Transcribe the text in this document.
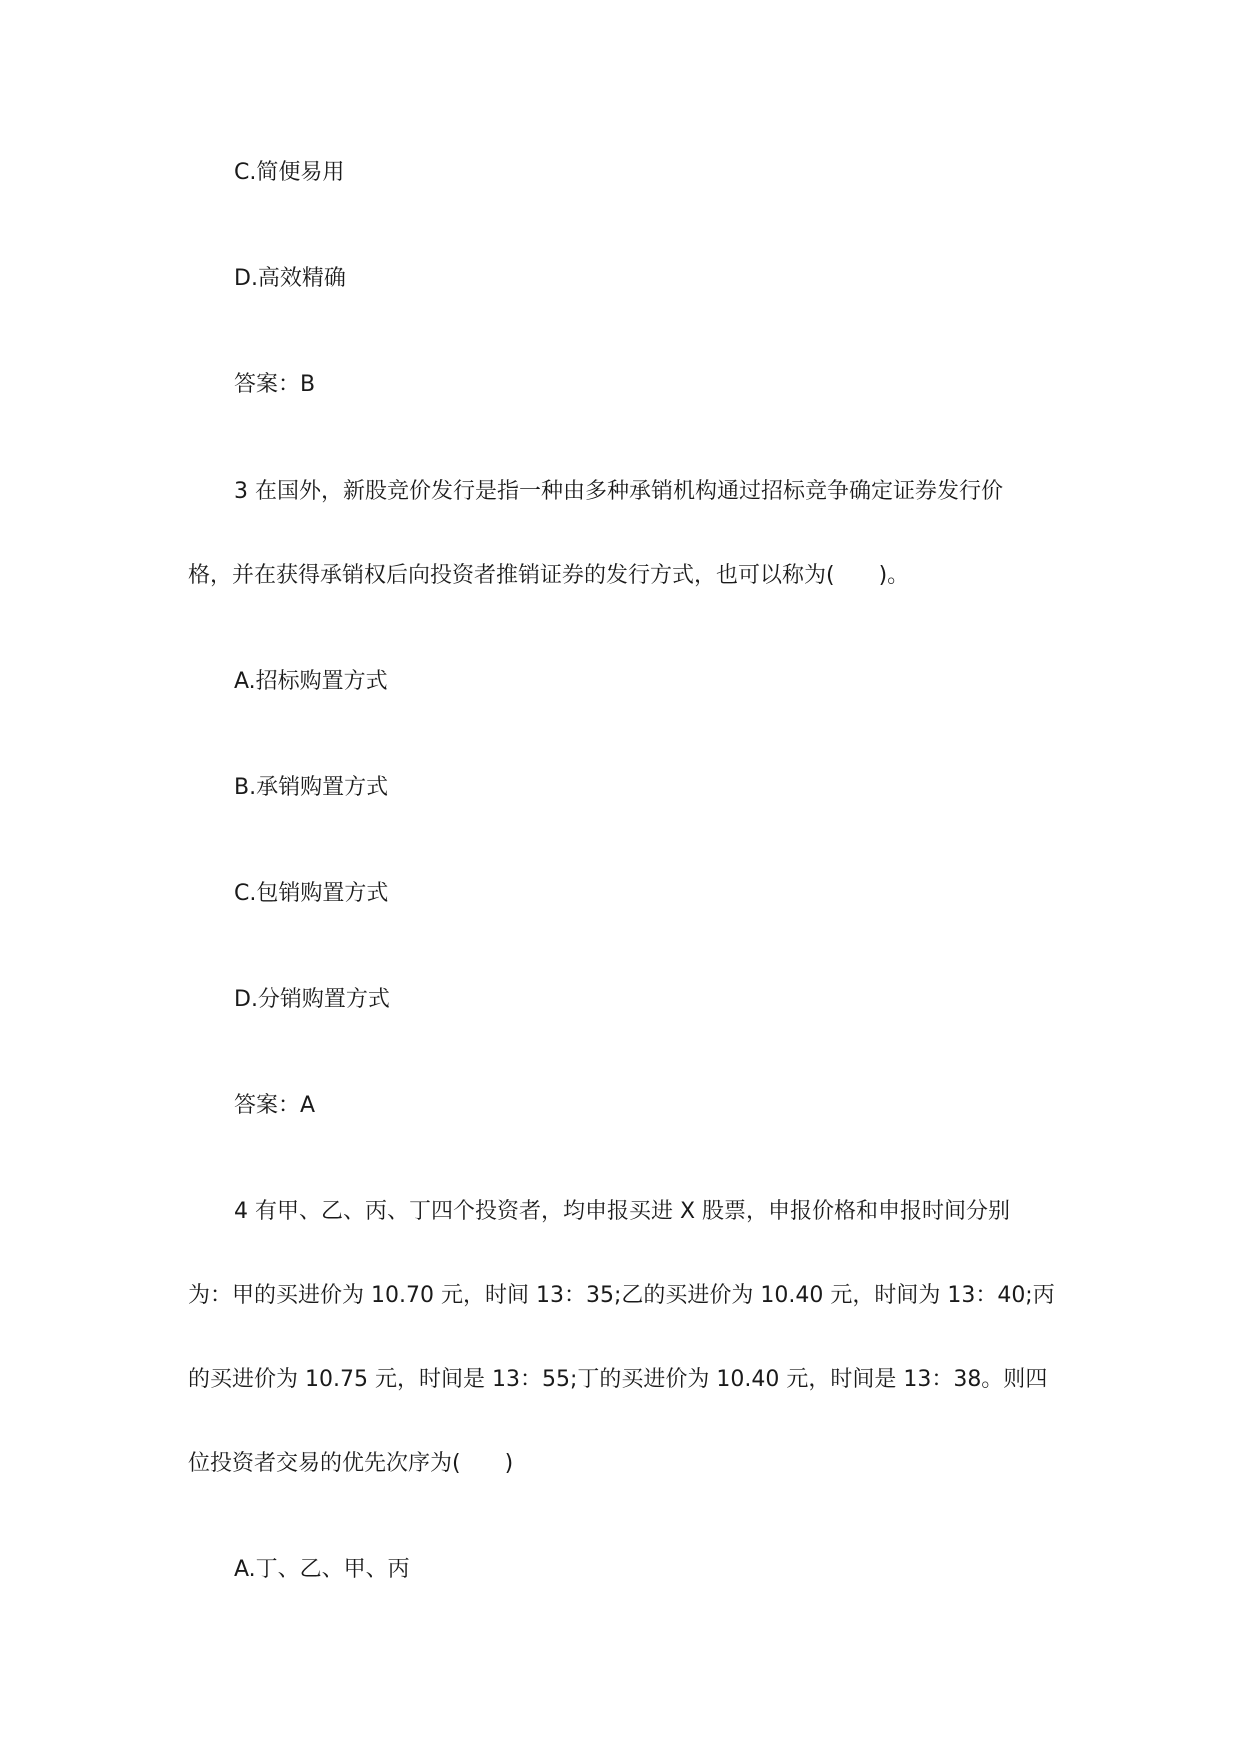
C.简便易用
D.高效精确
答案：B
3 在国外，新股竞价发行是指一种由多种承销机构通过招标竞争确定证券发行价
格，并在获得承销权后向投资者推销证券的发行方式，也可以称为(　　)。
A.招标购置方式
B.承销购置方式
C.包销购置方式
D.分销购置方式
答案：A
4 有甲、乙、丙、丁四个投资者，均申报买进 X 股票，申报价格和申报时间分别
为：甲的买进价为 10.70 元，时间 13：35;乙的买进价为 10.40 元，时间为 13：40;丙
的买进价为 10.75 元，时间是 13：55;丁的买进价为 10.40 元，时间是 13：38。则四
位投资者交易的优先次序为(　　)
A.丁、乙、甲、丙
